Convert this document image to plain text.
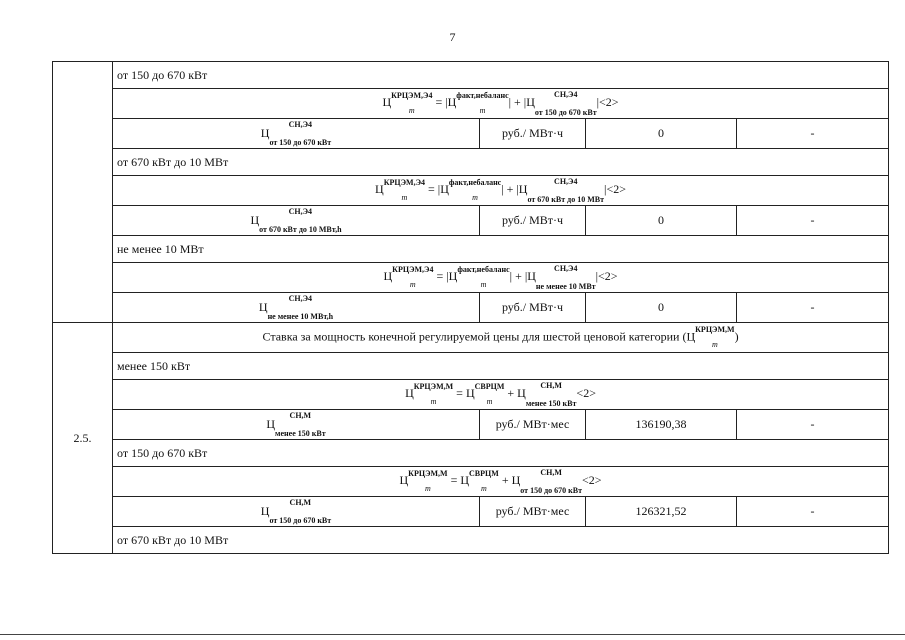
7
	от 150 до 670 кВт			
	$Ц^{КРЦЭМ,Э4}$
$m = |Ц^{факт,небаланс}$
$m| + |Ц^{СН,Э4}$
$_{от 150 до 670 кВт}$|<2>			
	$Ц^{СН,Э4}$
$_{от 150 до 670 кВт}$	руб./ МВт·ч	0	-
	от 670 кВт до 10 МВт			
	$Ц^{КРЦЭМ,Э4}$
$m = |Ц^{факт,небаланс}$
$m| + |Ц^{СН,Э4}$
$_{от 670 кВт до 10 МВт}$|<2>			
	$Ц^{СН,Э4}$
$_{от 670 кВт до 10 МВт,h}$	руб./ МВт·ч	0	-
	не менее 10 МВт			
	$Ц^{КРЦЭМ,Э4}$
$m = |Ц^{факт,небаланс}$
$m| + |Ц^{СН,Э4}$
$_{не менее 10 МВт}$|<2>			
	$Ц^{СН,Э4}$
$_{не менее 10 МВт,h}$	руб./ МВт·ч	0	-
2.5.	Ставка за мощность конечной регулируемой цены для шестой ценовой категории ($Ц^{КРЦЭМ,М}$
m)			
	менее 150 кВт			
	$Ц^{КРЦЭМ,М}$
$m = Ц^{СВРЦМ}$
$m + Ц^{СН,М}$
$_{менее 150 кВт}$<2>			
	$Ц^{СН,М}$
$_{менее 150 кВт}$	руб./ МВт·мес	136190,38	-
	от 150 до 670 кВт			
	$Ц^{КРЦЭМ,М}$
$m = Ц^{СВРЦМ}$
$m + Ц^{СН,М}$
$_{от 150 до 670 кВт}$<2>			
	$Ц^{СН,М}$
$_{от 150 до 670 кВт}$	руб./ МВт·мес	126321,52	-
	от 670 кВт до 10 МВт			
